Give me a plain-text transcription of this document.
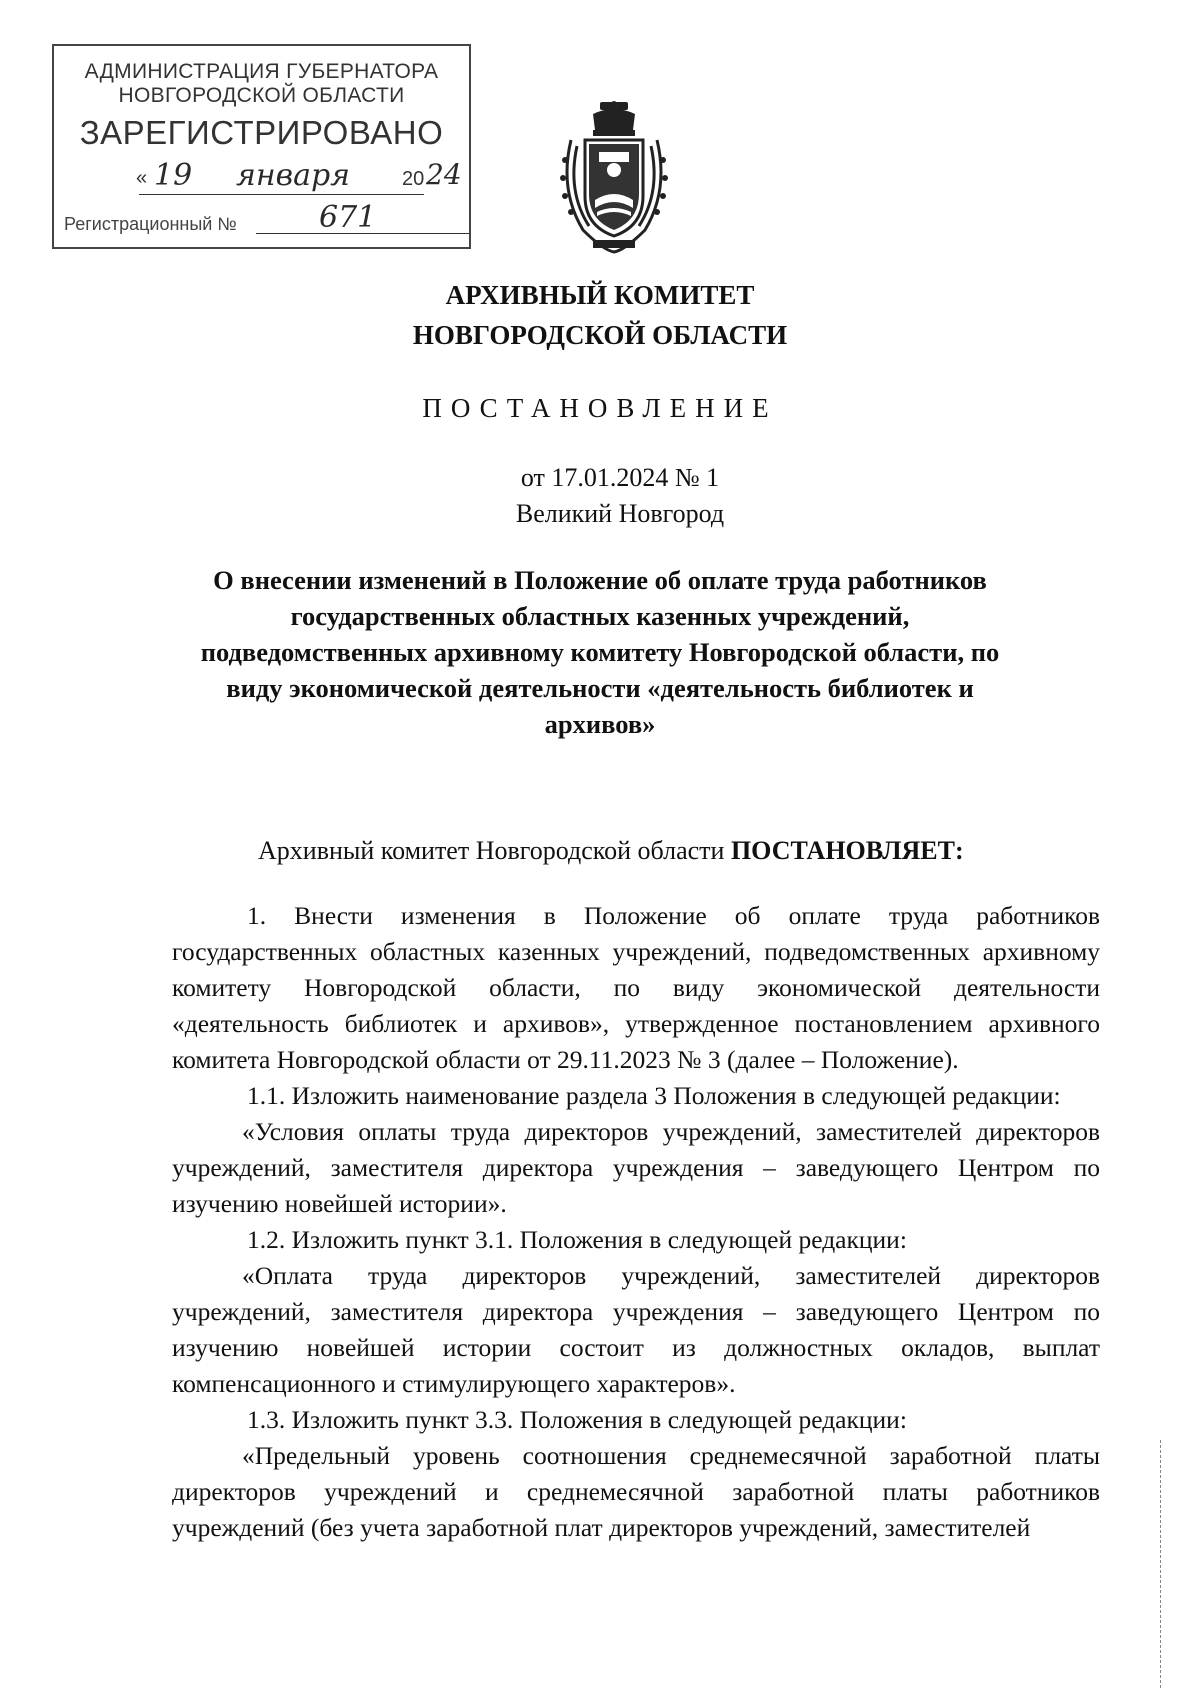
АДМИНИСТРАЦИЯ ГУБЕРНАТОРА
НОВГОРОДСКОЙ ОБЛАСТИ
ЗАРЕГИСТРИРОВАНО
« 19 января	20 24
Регистрационный №	671
АРХИВНЫЙ КОМИТЕТ
НОВГОРОДСКОЙ ОБЛАСТИ
ПОСТАНОВЛЕНИЕ
от 17.01.2024 № 1
Великий Новгород
О внесении изменений в Положение об оплате труда работников
государственных областных казенных учреждений,
подведомственных архивному комитету Новгородской области, по
виду экономической деятельности «деятельность библиотек и
архивов»
Архивный комитет Новгородской области ПОСТАНОВЛЯЕТ:

1. Внести изменения в Положение об оплате труда работников государственных областных казенных учреждений, подведомственных архивному комитету Новгородской области, по виду экономической деятельности «деятельность библиотек и архивов», утвержденное постановлением архивного комитета Новгородской области от 29.11.2023 № 3 (далее – Положение).

1.1. Изложить наименование раздела 3 Положения в следующей редакции:

«Условия оплаты труда директоров учреждений, заместителей директоров учреждений, заместителя директора учреждения – заведующего Центром по изучению новейшей истории».

1.2. Изложить пункт 3.1. Положения в следующей редакции:

«Оплата труда директоров учреждений, заместителей директоров учреждений, заместителя директора учреждения – заведующего Центром по изучению новейшей истории состоит из должностных окладов, выплат компенсационного и стимулирующего характеров».

1.3. Изложить пункт 3.3. Положения в следующей редакции:

«Предельный уровень соотношения среднемесячной заработной платы директоров учреждений и среднемесячной заработной платы работников учреждений (без учета заработной плат директоров учреждений, заместителей
